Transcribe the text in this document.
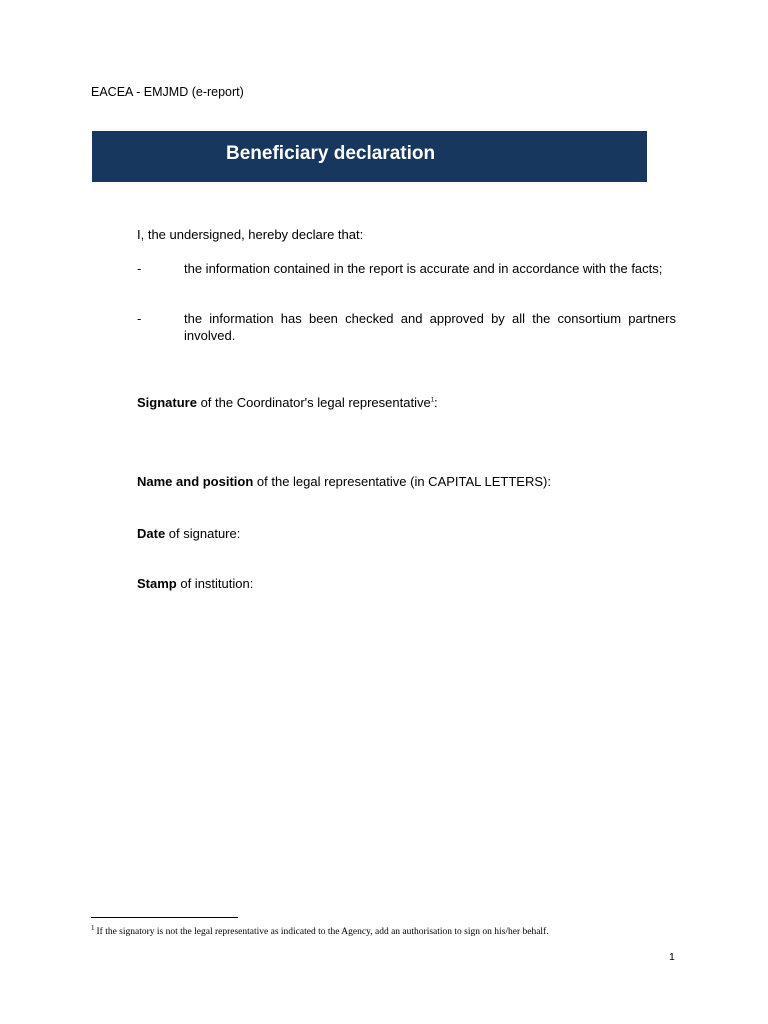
EACEA - EMJMD (e-report)
Beneficiary declaration
I, the undersigned, hereby declare that:
-	the information contained in the report is accurate and in accordance with the facts;
-	the information has been checked and approved by all the consortium partners involved.
Signature of the Coordinator's legal representative$^1$:
Name and position of the legal representative (in CAPITAL LETTERS):
Date of signature:
Stamp of institution:
$^1$ If the signatory is not the legal representative as indicated to the Agency, add an authorisation to sign on his/her behalf.
1
